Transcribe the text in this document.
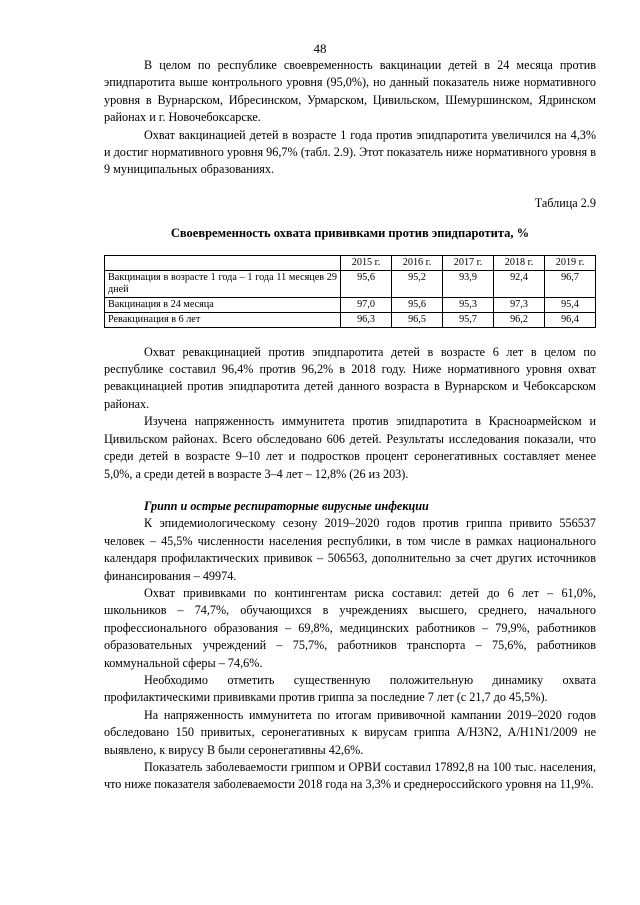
48

В целом по республике своевременность вакцинации детей в 24 месяца против эпидпаротита выше контрольного уровня (95,0%), но данный показатель ниже нормативного уровня в Вурнарском, Ибресинском, Урмарском, Цивильском, Шемуршинском, Ядринском районах и г. Новочебоксарске.

Охват вакцинацией детей в возрасте 1 года против эпидпаротита увеличился на 4,3% и достиг нормативного уровня 96,7% (табл. 2.9). Этот показатель ниже нормативного уровня в 9 муниципальных образованиях.

Таблица 2.9

Своевременность охвата прививками против эпидпаротита, %

	2015 г.	2016 г.	2017 г.	2018 г.	2019 г.
Вакцинация в возрасте 1 года – 1 года 11 месяцев 29 дней	95,6	95,2	93,9	92,4	96,7
Вакцинация в 24 месяца	97,0	95,6	95,3	97,3	95,4
Ревакцинация в 6 лет	96,3	96,5	95,7	96,2	96,4

Охват ревакцинацией против эпидпаротита детей в возрасте 6 лет в целом по республике составил 96,4% против 96,2% в 2018 году. Ниже нормативного уровня охват ревакцинацией против эпидпаротита детей данного возраста в Вурнарском и Чебоксарском районах.

Изучена напряженность иммунитета против эпидпаротита в Красноармейском и Цивильском районах. Всего обследовано 606 детей. Результаты исследования показали, что среди детей в возрасте 9–10 лет и подростков процент серонегативных составляет менее 5,0%, а среди детей в возрасте 3–4 лет – 12,8% (26 из 203).

Грипп и острые респираторные вирусные инфекции

К эпидемиологическому сезону 2019–2020 годов против гриппа привито 556537 человек – 45,5% численности населения республики, в том числе в рамках национального календаря профилактических прививок – 506563, дополнительно за счет других источников финансирования – 49974.

Охват прививками по контингентам риска составил: детей до 6 лет – 61,0%, школьников – 74,7%, обучающихся в учреждениях высшего, среднего, начального профессионального образования – 69,8%, медицинских работников – 79,9%, работников образовательных учреждений – 75,7%, работников транспорта – 75,6%, работников коммунальной сферы – 74,6%.

Необходимо отметить существенную положительную динамику охвата профилактическими прививками против гриппа за последние 7 лет (с 21,7 до 45,5%).

На напряженность иммунитета по итогам прививочной кампании 2019–2020 годов обследовано 150 привитых, серонегативных к вирусам гриппа A/H3N2, A/H1N1/2009 не выявлено, к вирусу В были серонегативны 42,6%.

Показатель заболеваемости гриппом и ОРВИ составил 17892,8 на 100 тыс. населения, что ниже показателя заболеваемости 2018 года на 3,3% и среднероссийского уровня на 11,9%.
